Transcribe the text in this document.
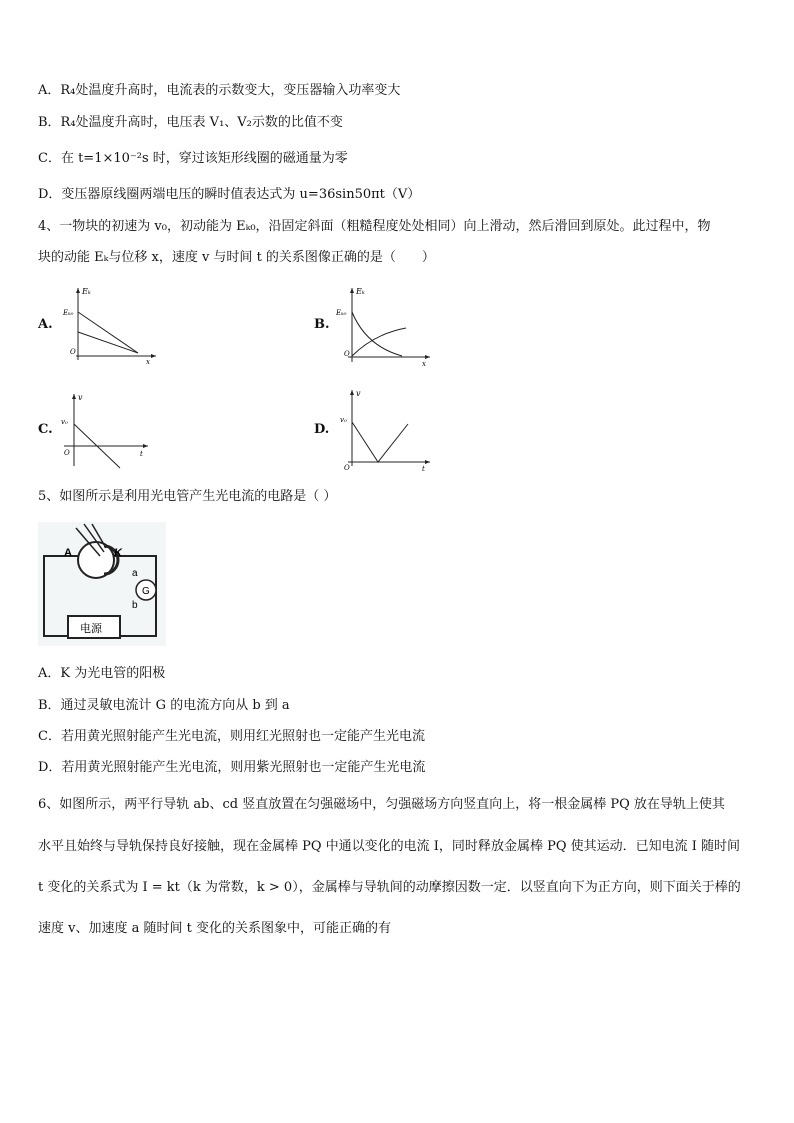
A．R₄处温度升高时，电流表的示数变大，变压器输入功率变大
B．R₄处温度升高时，电压表 V₁、V₂示数的比值不变
C．在 t=1×10⁻²s 时，穿过该矩形线圈的磁通量为零
D．变压器原线圈两端电压的瞬时值表达式为 u=36sin50πt（V）
4、一物块的初速为 v₀，初动能为 Eₖ₀，沿固定斜面（粗糙程度处处相同）向上滑动，然后滑回到原处。此过程中，物
块的动能 Eₖ与位移 x，速度 v 与时间 t 的关系图像正确的是（　　）
A.	B.
C.	D.
Eₖ
Eₖ₀
O
x
Eₖ
Eₖ₀
O
x
v
v₀
O	t
v
v₀
O	t
5、如图所示是利用光电管产生光电流的电路是（ ）
G
A	K
a
b
电源
A．K 为光电管的阳极
B．通过灵敏电流计 G 的电流方向从 b 到 a
C．若用黄光照射能产生光电流，则用红光照射也一定能产生光电流
D．若用黄光照射能产生光电流，则用紫光照射也一定能产生光电流
6、如图所示，两平行导轨 ab、cd 竖直放置在匀强磁场中，匀强磁场方向竖直向上，将一根金属棒 PQ 放在导轨上使其
水平且始终与导轨保持良好接触，现在金属棒 PQ 中通以变化的电流 I，同时释放金属棒 PQ 使其运动．已知电流 I 随时间
t 变化的关系式为 I = kt（k 为常数，k > 0），金属棒与导轨间的动摩擦因数一定．以竖直向下为正方向，则下面关于棒的
速度 v、加速度 a 随时间 t 变化的关系图象中，可能正确的有
